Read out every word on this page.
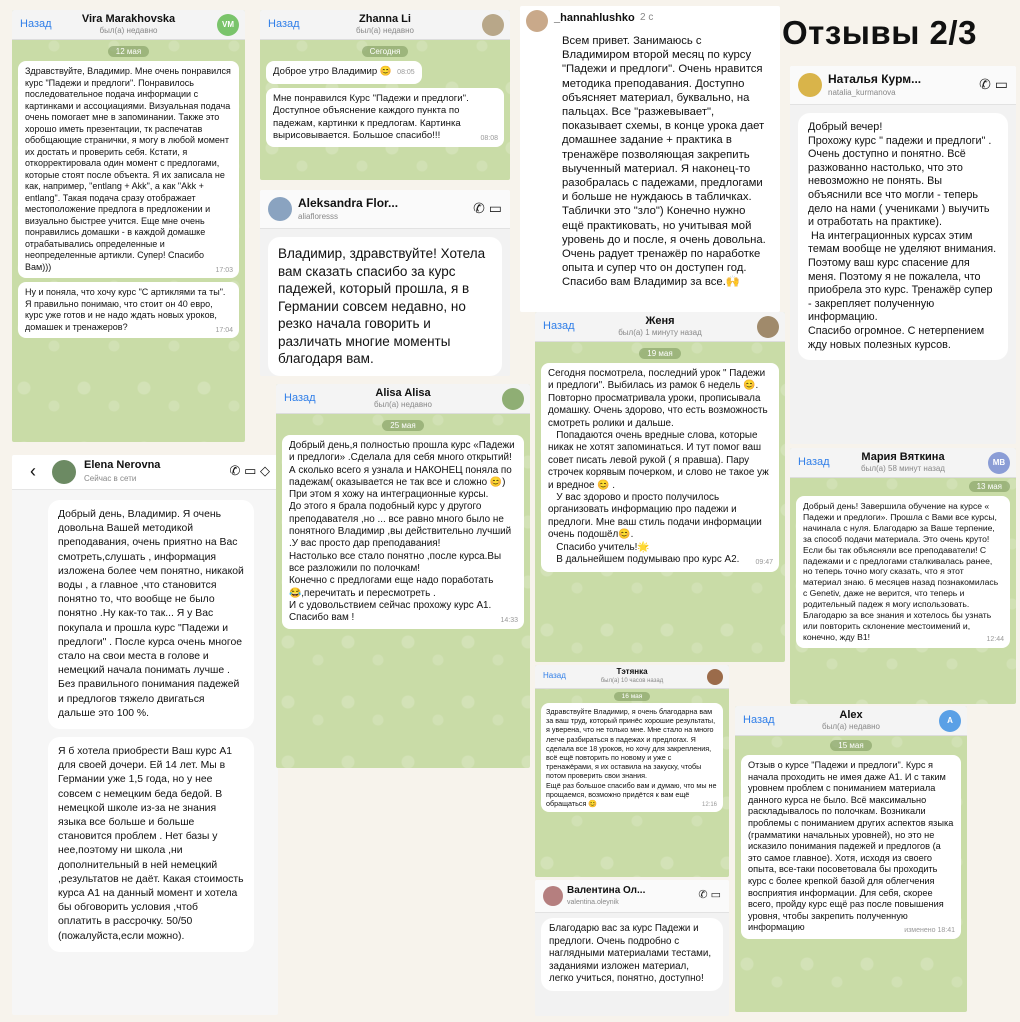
Отзывы 2/3
Назад	Vira Marakhovska
был(а) недавно
VM
12 мая
Здравствуйте, Владимир. Мне очень понравился курс "Падежи и предлоги". Понравилось последовательное подача информации с картинками и ассоциациями. Визуальная подача очень помогает мне в запоминании. Также это хорошо иметь презентации, тк распечатав обобщающие странички, я могу в любой момент их достать и проверить себя. Кстати, я откорректировала один момент с предлогами, которые стоят после объекта. Я их записала не как, например, "entlang + Akk", а как "Akk + entlang". Такая подача сразу отображает местоположение предлога в предложении и визуально быстрее учится. Еще мне очень понравились домашки - в каждой домашке отрабатывались определенные и неопределенные артикли. Супер! Спасибо Вам)))	17:03
Ну и поняла, что хочу курс "С артиклями та ты". Я правильно понимаю, что стоит он 40 евро, курс уже готов и не надо ждать новых уроков, домашек и тренажеров?	17:04
Назад	Zhanna Li
был(а) недавно
Сегодня
Доброе утро Владимир 😊 08:05
Мне понравился Курс "Падежи и предлоги". Доступное объяснение каждого пункта по падежам, картинки к предлогам. Картинка вырисовывается. Большое спасибо!!!	08:08
_hannahlushko 2 с
Всем привет. Занимаюсь с Владимиром второй месяц по курсу "Падежи и предлоги". Очень нравится методика преподавания. Доступно объясняет материал, буквально, на пальцах. Все "разжевывает", показывает схемы, в конце урока дает домашнее задание + практика в тренажёре позволяющая закрепить выученный материал. Я наконец-то разобралась с падежами, предлогами и больше не нуждаюсь в табличках. Таблички это "зло") Конечно нужно ещё практиковать, но учитывая мой уровень до и после, я очень довольна. Очень радует тренажёр по наработке опыта и супер что он доступен год. Спасибо вам Владимир за все.🙌
Aleksandra Flor...
aliafloresss
✆ ▭
Владимир, здравствуйте! Хотела вам сказать спасибо за курс падежей, который прошла, я в Германии совсем недавно, но резко начала говорить и различать многие моменты благодаря вам.
Наталья Курм...
natalia_kurmanova
✆ ▭
Добрый вечер!
Прохожу курс " падежи и предлоги" . Очень доступно и понятно. Всё разжованно настолько, что это невозможно не понять. Вы объяснили все что могли - теперь дело на нами ( учениками ) выучить и отработать на практике).
На интеграционных курсах этим темам вообще не уделяют внимания. Поэтому ваш курс спасение для меня. Поэтому я не пожалела, что приобрела это курс. Тренажёр супер - закрепляет полученную информацию.
Спасибо огромное. С нетерпением жду новых полезных курсов.
‹	Elena Nerovna
Сейчас в сети
✆ ▭ ◇
Добрый день, Владимир. Я очень довольна Вашей методикой преподавания, очень приятно на Вас смотреть,слушать , информация изложена более чем понятно, никакой воды , а главное ,что становится понятно то, что вообще не было понятно .Ну как-то так... Я у Вас покупала и прошла курс "Падежи и предлоги" . После курса очень многое стало на свои места в голове и немецкий начала понимать лучше . Без правильного понимания падежей и предлогов тяжело двигаться дальше это 100 %.
Я б хотела приобрести Ваш курс А1 для своей дочери. Ей 14 лет. Мы в Германии уже 1,5 года, но у нее совсем с немецким беда бедой. В немецкой школе из-за не знания языка все больше и больше становится проблем . Нет базы у нее,поэтому ни школа ,ни дополнительный в ней немецкий ,результатов не даёт. Какая стоимость курса А1 на данный момент и хотела бы обговорить условия ,чтоб оплатить в рассрочку. 50/50 (пожалуйста,если можно).
Назад	Alisa Alisa
был(а) недавно
25 мая
Добрый день,я полностью прошла курс «Падежи и предлоги» .Сделала для себя много открытий! А сколько всего я узнала и НАКОНЕЦ поняла по падежам( оказывается не так все и сложно 😊)
При этом я хожу на интеграционные курсы.
До этого я брала подобный курс у другого преподавателя ,но ... все равно много было не понятного Владимир ,вы действительно лучший .У вас просто дар преподавания!
Настолько все стало понятно ,после курса.Вы все разложили по полочкам!
Конечно с предлогами еще надо поработать😂,перечитать и пересмотреть .
И с удовольствием сейчас прохожу курс А1.
Спасибо вам !	14:33
Назад	Женя
был(а) 1 минуту назад
19 мая
Сегодня посмотрела, последний урок " Падежи и предлоги". Выбилась из рамок 6 недель 😊. Повторно просматривала уроки, прописывала домашку. Очень здорово, что есть возможность смотреть ролики и дальше.
Попадаются очень вредные слова, которые никак не хотят запоминаться. И тут помог ваш совет писать левой рукой ( я правша). Пару строчек корявым почерком, и слово не такое уж и вредное 😊 .
У вас здорово и просто получилось организовать информацию про падежи и предлоги. Мне ваш стиль подачи информации очень подошёл😊.
Спасибо учитель!🌟
В дальнейшем подумываю про курс А2. 09:47
Назад	Мария Вяткина
был(а) 58 минут назад
MB
13 мая
Добрый день! Завершила обучение на курсе « Падежи и предлоги». Прошла с Вами все курсы, начинала с нуля. Благодарю за Ваше терпение, за способ подачи материала. Это очень круто! Если бы так объясняли все преподаватели! С падежами и с предлогами сталкивалась ранее, но теперь точно могу сказать, что я этот материал знаю. 6 месяцев назад познакомилась с Genetiv, даже не верится, что теперь и родительный падеж я могу использовать. Благодарю за все знания и хотелось бы узнать или повторить склонение местоимений и, конечно, жду В1!	12:44
Назад	Тэтянка
был(а) 10 часов назад
16 мая
Здравствуйте Владимир, я очень благодарна вам за ваш труд, который принёс хорошие результаты, я уверена, что не только мне. Мне стало на много легче разбираться в падежах и предлогах. Я сделала все 18 уроков, но хочу для закрепления, всё ещё повторить по новому и уже с тренажёрами, я их оставила на закуску, чтобы потом проверить свои знания.
Ещё раз большое спасибо вам и думаю, что мы не прощаемся, возможно придётся к вам ещё обращаться 😊	12:16
Назад	Alex
был(а) недавно
A
15 мая
Отзыв о курсе "Падежи и предлоги". Курс я начала проходить не имея даже А1. И с таким уровнем проблем с пониманием материала данного курса не было. Всё максимально раскладывалось по полочкам. Возникали проблемы с пониманием других аспектов языка (грамматики начальных уровней), но это не исказило понимания падежей и предлогов (а это самое главное). Хотя, исходя из своего опыта, все-таки посоветовала бы проходить курс с более крепкой базой для облегчения восприятия информации. Для себя, скорее всего, пройду курс ещё раз после повышения уровня, чтобы закрепить полученную информацию	изменено 18:41
Валентина Ол...
valentina.oleynik
✆ ▭
Благодарю вас за курс Падежи и предлоги. Очень подробно с наглядными материалами тестами, заданиями изложен материал, легко учиться, понятно, доступно!
